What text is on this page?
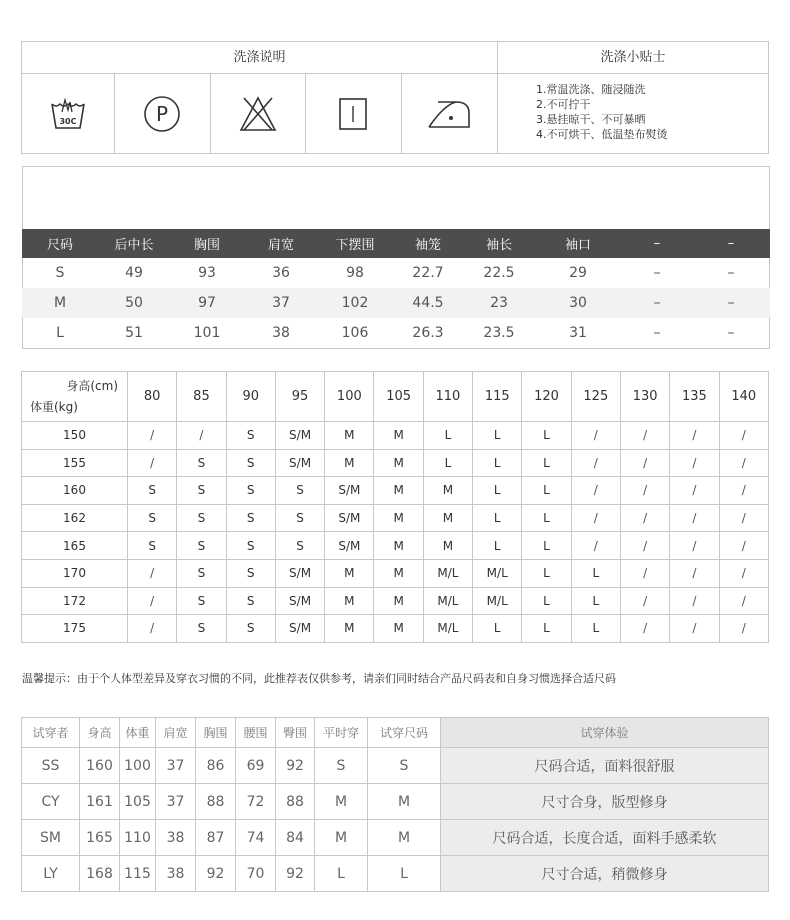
洗涤说明	洗涤小贴士
30C	P
1.常温洗涤、随浸随洗
2.不可拧干
3.悬挂晾干、不可暴晒
4.不可烘干、低温垫布熨烫
尺码	后中长	胸围	肩宽	下摆围	袖笼	袖长	袖口	–	–
S	49	93	36	98	22.7	22.5	29	–	–
M	50	97	37	102	44.5	23	30	–	–
L	51	101	38	106	26.3	23.5	31	–	–
身高(cm)
体重(kg)	80	85	90	95	100	105	110	115	120	125	130	135	140
150	/	/	S	S/M	M	M	L	L	L	/	/	/	/
155	/	S	S	S/M	M	M	L	L	L	/	/	/	/
160	S	S	S	S	S/M	M	M	L	L	/	/	/	/
162	S	S	S	S	S/M	M	M	L	L	/	/	/	/
165	S	S	S	S	S/M	M	M	L	L	/	/	/	/
170	/	S	S	S/M	M	M	M/L	M/L	L	L	/	/	/
172	/	S	S	S/M	M	M	M/L	M/L	L	L	/	/	/
175	/	S	S	S/M	M	M	M/L	L	L	L	/	/	/
温馨提示：由于个人体型差异及穿衣习惯的不同，此推荐表仅供参考，请亲们同时结合产品尺码表和自身习惯选择合适尺码
试穿者	身高	体重	肩宽	胸围	腰围	臀围	平时穿	试穿尺码	试穿体验
SS	160	100	37	86	69	92	S	S	尺码合适，面料很舒服
CY	161	105	37	88	72	88	M	M	尺寸合身，版型修身
SM	165	110	38	87	74	84	M	M	尺码合适，长度合适，面料手感柔软
LY	168	115	38	92	70	92	L	L	尺寸合适，稍微修身
